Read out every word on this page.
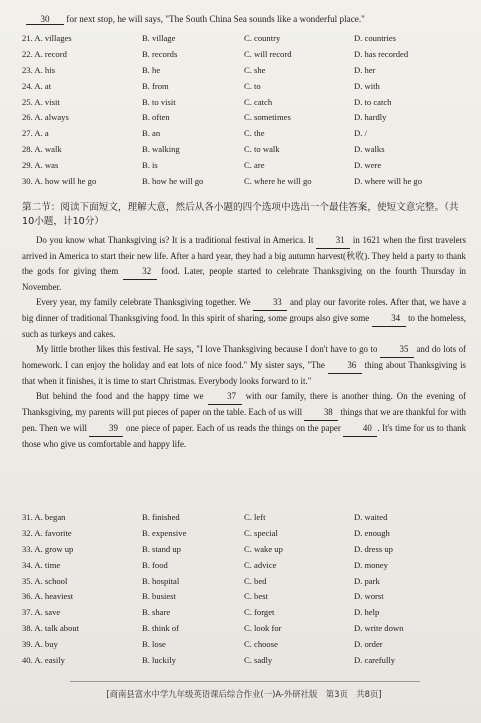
30 for next stop, he will says, "The South China Sea sounds like a wonderful place."
21. A. villages	B. village	C. country	D. countries
22. A. record	B. records	C. will record	D. has recorded
23. A. his	B. he	C. she	D. her
24. A. at	B. from	C. to	D. with
25. A. visit	B. to visit	C. catch	D. to catch
26. A. always	B. often	C. sometimes	D. hardly
27. A. a	B. an	C. the	D. /
28. A. walk	B. walking	C. to walk	D. walks
29. A. was	B. is	C. are	D. were
30. A. how will he go	B. how he will go	C. where he will go	D. where will he go
第二节：阅读下面短文，理解大意，然后从各小题的四个选项中选出一个最佳答案，使短文意完整。（共10小题，计10分）

Do you know what Thanksgiving is? It is a traditional festival in America. It 31 in 1621 when the first travelers arrived in America to start their new life. After a hard year, they had a big autumn harvest(秋收). They held a party to thank the gods for giving them 32 food. Later, people started to celebrate Thanksgiving on the fourth Thursday in November.

Every year, my family celebrate Thanksgiving together. We 33 and play our favorite roles. After that, we have a big dinner of traditional Thanksgiving food. In this spirit of sharing, some groups also give some 34 to the homeless, such as turkeys and cakes.

My little brother likes this festival. He says, "I love Thanksgiving because I don't have to go to 35 and do lots of homework. I can enjoy the holiday and eat lots of nice food." My sister says, "The 36 thing about Thanksgiving is that when it finishes, it is time to start Christmas. Everybody looks forward to it."

But behind the food and the happy time we 37 with our family, there is another thing. On the evening of Thanksgiving, my parents will put pieces of paper on the table. Each of us will 38 things that we are thankful for with pen. Then we will 39 one piece of paper. Each of us reads the things on the paper 40 . It's time for us to thank those who give us comfortable and happy life.

31. A. began	B. finished	C. left	D. waited
32. A. favorite	B. expensive	C. special	D. enough
33. A. grow up	B. stand up	C. wake up	D. dress up
34. A. time	B. food	C. advice	D. money
35. A. school	B. hospital	C. bed	D. park
36. A. heaviest	B. busiest	C. best	D. worst
37. A. save	B. share	C. forget	D. help
38. A. talk about	B. think of	C. look for	D. write down
39. A. buy	B. lose	C. choose	D. order
40. A. easily	B. luckily	C. sadly	D. carefully
[商南县富水中学九年级英语课后综合作业(一)A-外研社版　第3页　共8页]
